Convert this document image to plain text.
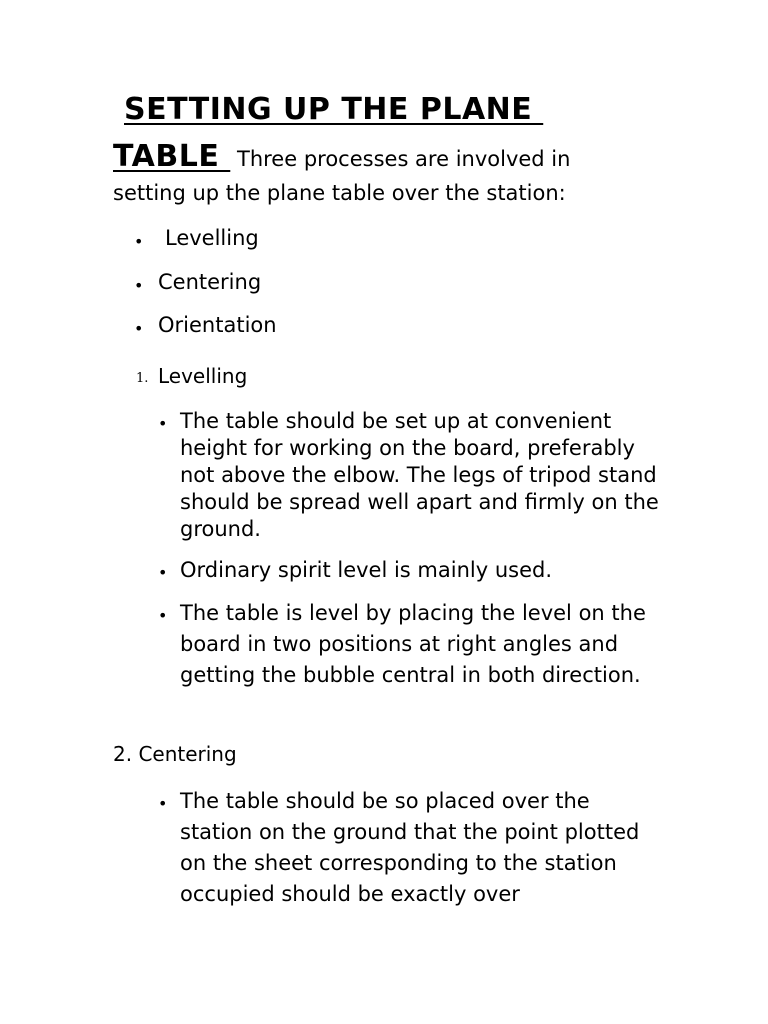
SETTING UP THE PLANE
TABLE Three processes are involved in
setting up the plane table over the station:
• Levelling
• Centering
• Orientation
1. Levelling
• The table should be set up at convenient height for working on the board, preferably not above the elbow. The legs of tripod stand should be spread well apart and firmly on the ground.

• Ordinary spirit level is mainly used.

• The table is level by placing the level on the board in two positions at right angles and getting the bubble central in both direction.

2. Centering
• The table should be so placed over the station on the ground that the point plotted on the sheet corresponding to the station occupied should be exactly over
